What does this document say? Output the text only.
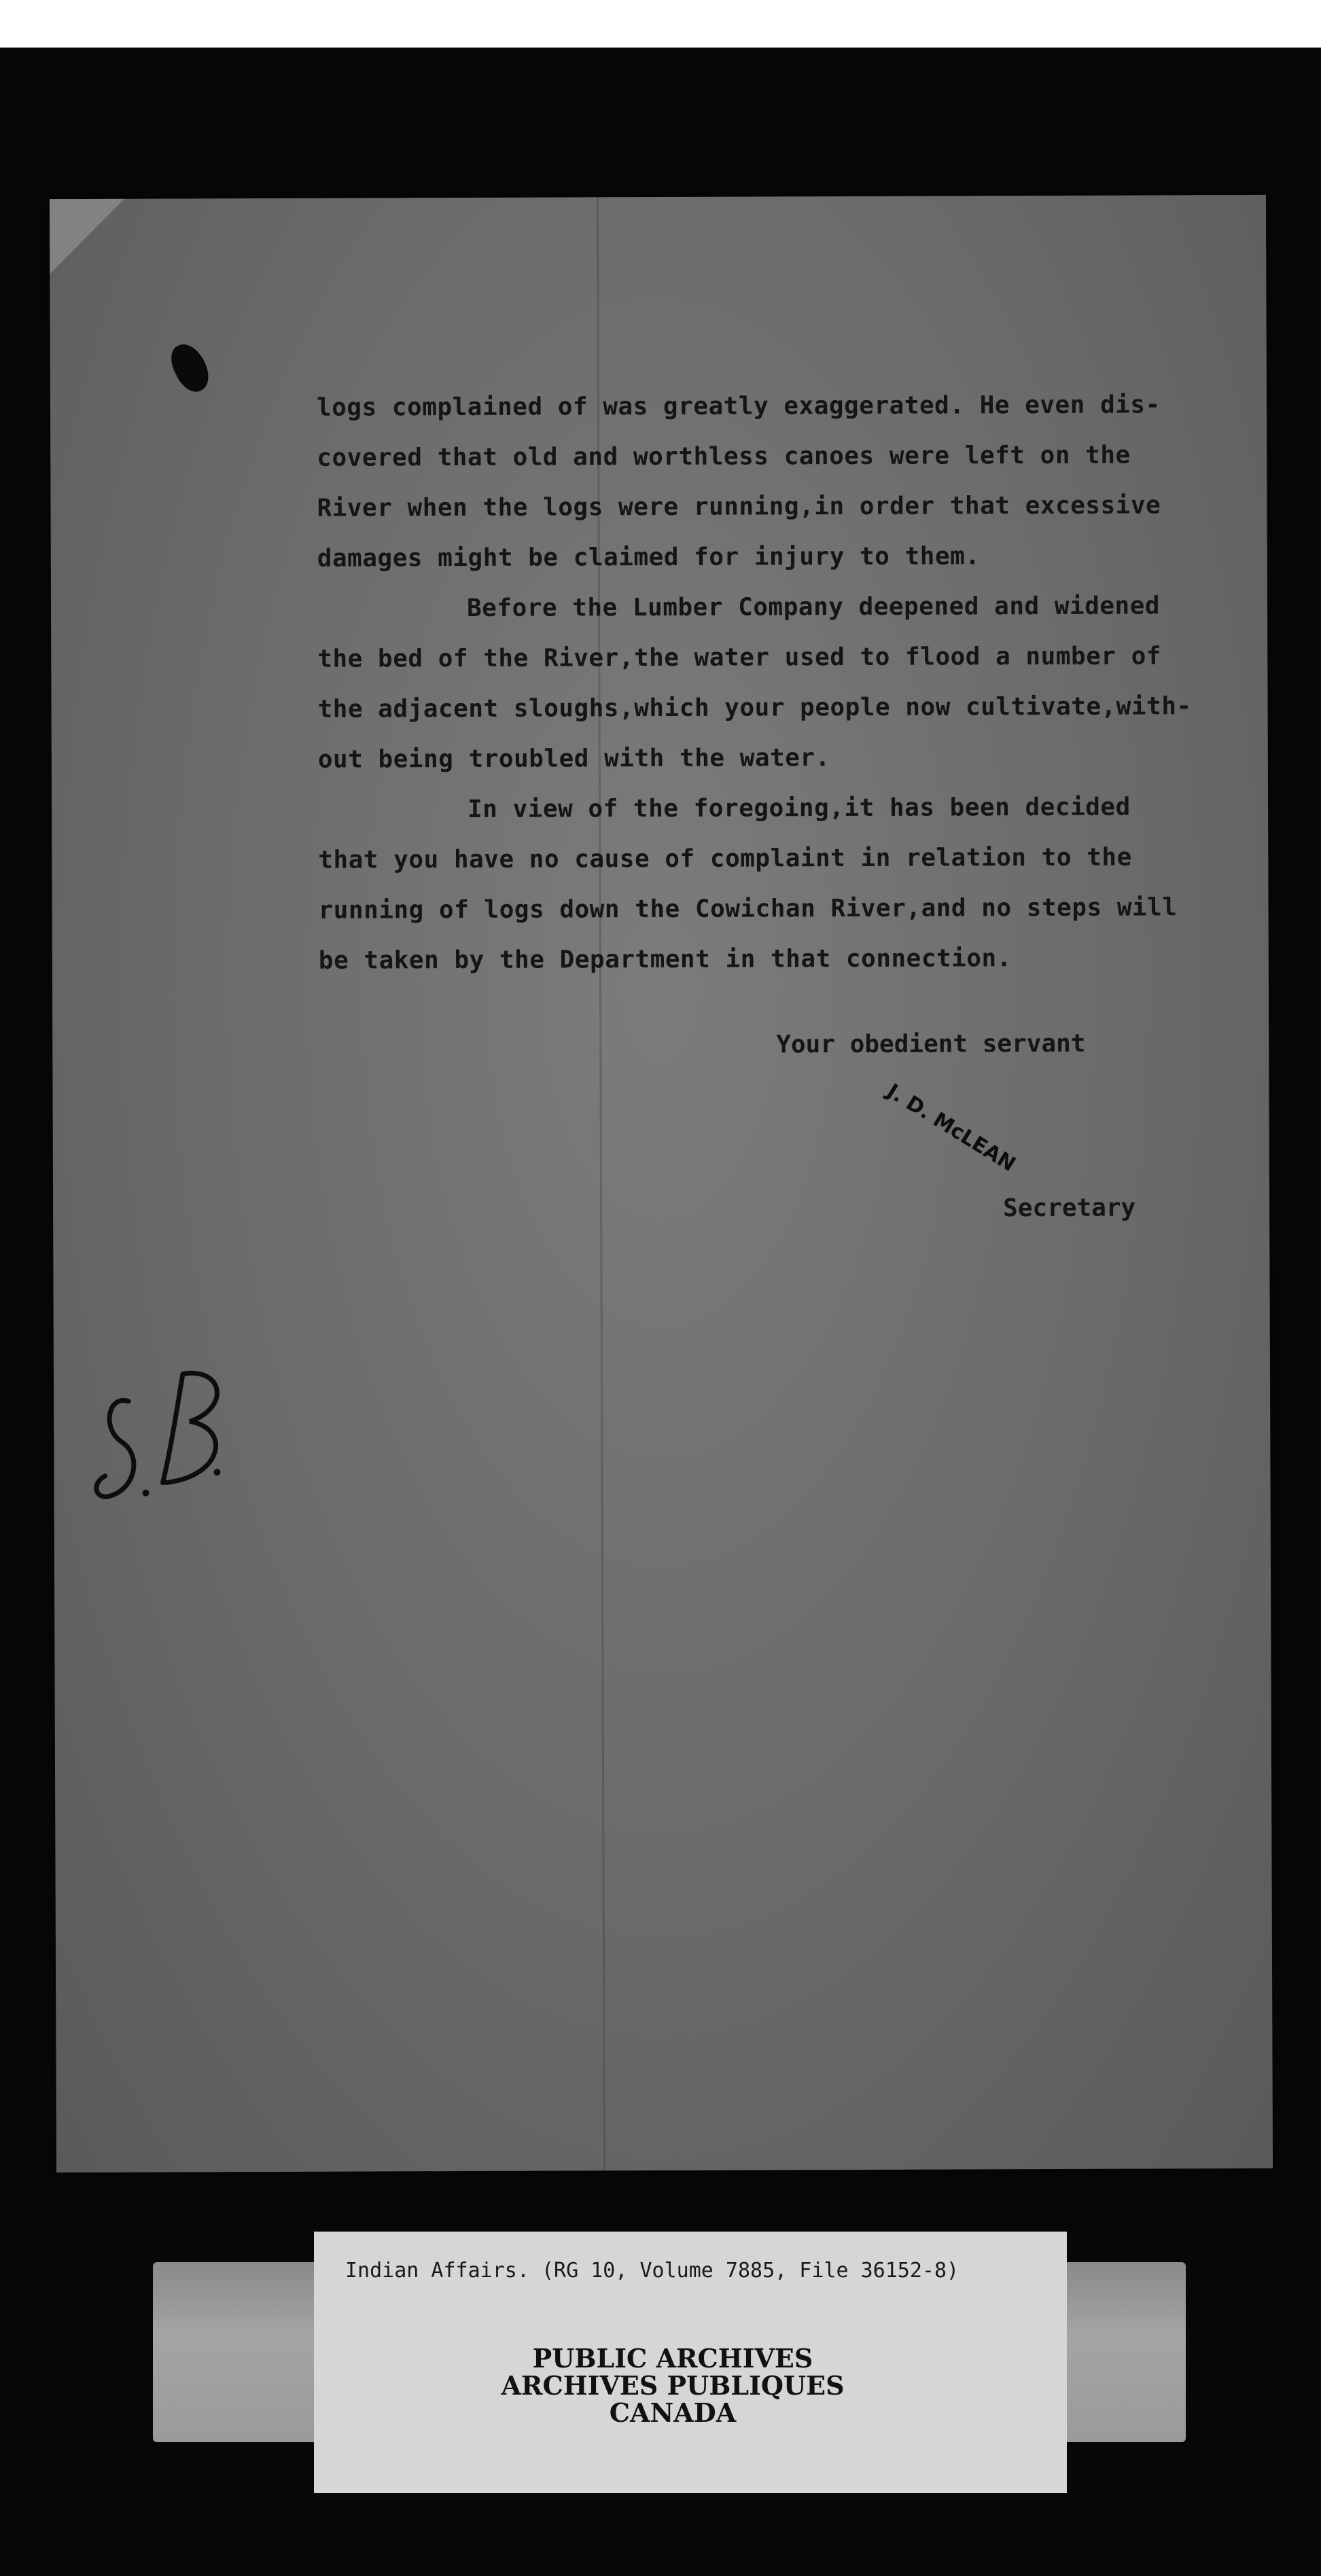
logs complained of was greatly exaggerated. He even dis-
covered that old and worthless canoes were left on the
River when the logs were running,in order that excessive
damages might be claimed for injury to them.
Before the Lumber Company deepened and widened
the bed of the River,the water used to flood a number of
the adjacent sloughs,which your people now cultivate,with-
out being troubled with the water.
In view of the foregoing,it has been decided
that you have no cause of complaint in relation to the
running of logs down the Cowichan River,and no steps will
be taken by the Department in that connection.
Your obedient servant
J. D. McLEAN
Secretary
Indian Affairs. (RG 10, Volume 7885, File 36152-8)
PUBLIC ARCHIVES
ARCHIVES PUBLIQUES
CANADA
